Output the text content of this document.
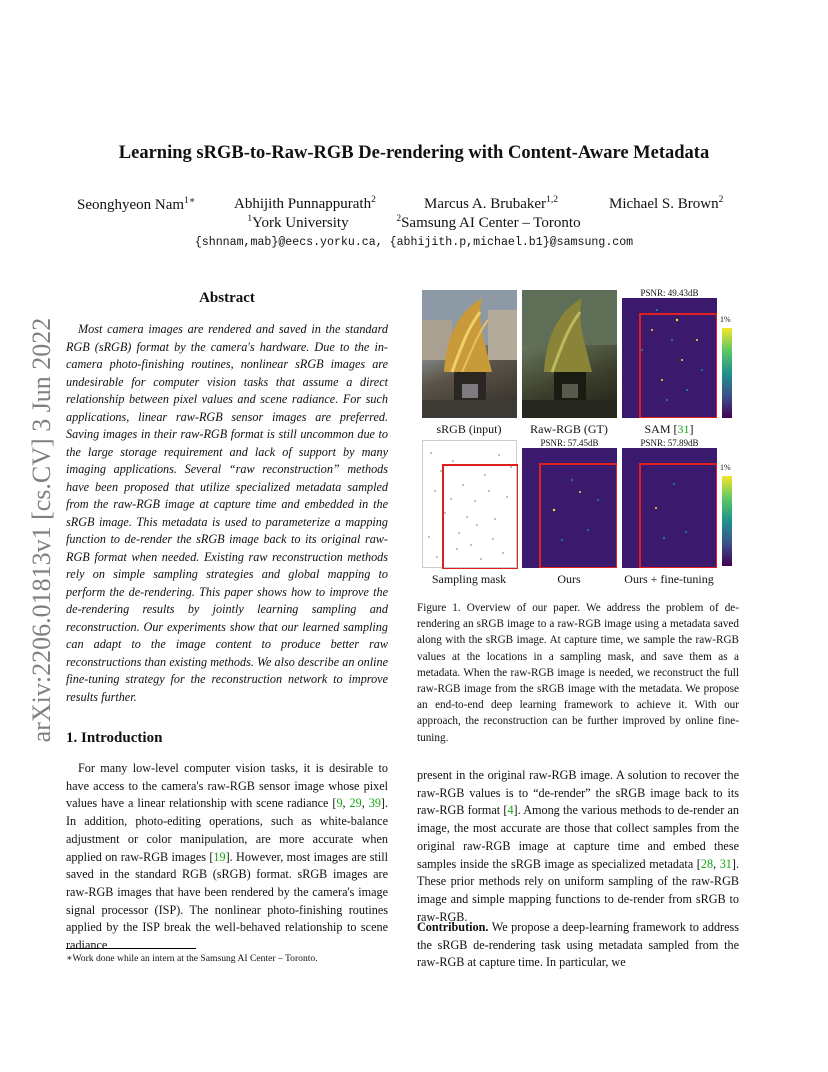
arXiv:2206.01813v1 [cs.CV] 3 Jun 2022
Learning sRGB-to-Raw-RGB De-rendering with Content-Aware Metadata
Seonghyeon Nam$^{1∗}$	Abhijith Punnappurath$^2$	Marcus A. Brubaker$^{1,2}$	Michael S. Brown$^2$
$^1$York University	$^2$Samsung AI Center – Toronto
{shnnam,mab}@eecs.yorku.ca, {abhijith.p,michael.b1}@samsung.com
Abstract
Most camera images are rendered and saved in the standard RGB (sRGB) format by the camera's hardware. Due to the in-camera photo-finishing routines, nonlinear sRGB images are undesirable for computer vision tasks that assume a direct relationship between pixel values and scene radiance. For such applications, linear raw-RGB sensor images are preferred. Saving images in their raw-RGB format is still uncommon due to the large storage requirement and lack of support by many imaging applications. Several “raw reconstruction” methods have been proposed that utilize specialized metadata sampled from the raw-RGB image at capture time and embedded in the sRGB image. This metadata is used to parameterize a mapping function to de-render the sRGB image back to its original raw-RGB format when needed. Existing raw reconstruction methods rely on simple sampling strategies and global mapping to perform the de-rendering. This paper shows how to improve the de-rendering results by jointly learning sampling and reconstruction. Our experiments show that our learned sampling can adapt to the image content to produce better raw reconstructions than existing methods. We also describe an online fine-tuning strategy for the reconstruction network to improve results further.
1. Introduction
For many low-level computer vision tasks, it is desirable to have access to the camera's raw-RGB sensor image whose pixel values have a linear relationship with scene radiance [9, 29, 39]. In addition, photo-editing operations, such as white-balance adjustment or color manipulation, are more accurate when applied on raw-RGB images [19]. However, most images are still saved in the standard RGB (sRGB) format. sRGB images are raw-RGB images that have been rendered by the camera's image signal processor (ISP). The nonlinear photo-finishing routines applied by the ISP break the well-behaved relationship to scene radiance
∗Work done while an intern at the Samsung AI Center – Toronto.
PSNR: 49.43dB
1%
sRGB (input)	Raw-RGB (GT)	SAM [31]
PSNR: 57.45dB	PSNR: 57.89dB
1%
Sampling mask	Ours	Ours + fine-tuning
Figure 1. Overview of our paper. We address the problem of de-rendering an sRGB image to a raw-RGB image using a metadata saved along with the sRGB image. At capture time, we sample the raw-RGB values at the locations in a sampling mask, and save them as a metadata. When the raw-RGB image is needed, we reconstruct the full raw-RGB image from the sRGB image with the metadata. We propose an end-to-end deep learning framework to achieve it. With our approach, the reconstruction can be further improved by online fine-tuning.
present in the original raw-RGB image. A solution to recover the raw-RGB values is to “de-render” the sRGB image back to its raw-RGB format [4]. Among the various methods to de-render an image, the most accurate are those that collect samples from the original raw-RGB image at capture time and embed these samples inside the sRGB image as specialized metadata [28, 31]. These prior methods rely on uniform sampling of the raw-RGB image and simple mapping functions to de-render from sRGB to raw-RGB.
Contribution. We propose a deep-learning framework to address the sRGB de-rendering task using metadata sampled from the raw-RGB at capture time. In particular, we
